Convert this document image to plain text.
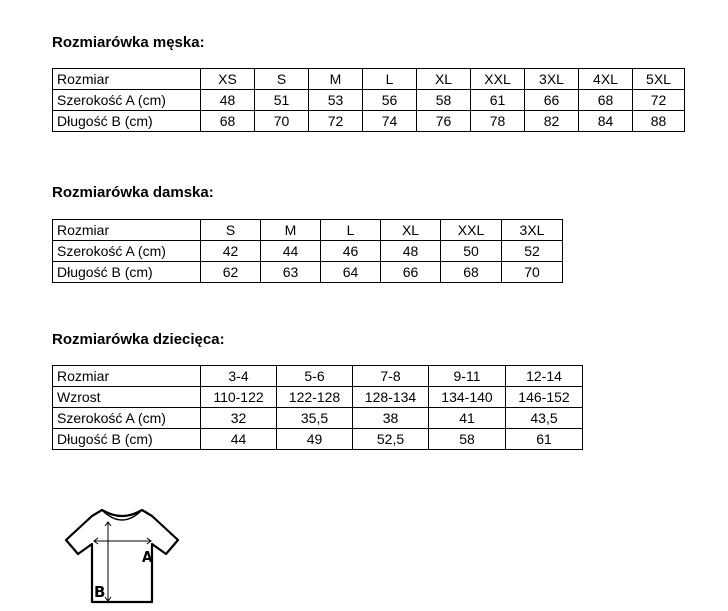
Rozmiarówka męska:
Rozmiar	XS	S	M	L	XL	XXL	3XL	4XL	5XL
Szerokość A (cm)	48	51	53	56	58	61	66	68	72
Długość B (cm)	68	70	72	74	76	78	82	84	88
Rozmiarówka damska:
Rozmiar	S	M	L	XL	XXL	3XL
Szerokość A (cm)	42	44	46	48	50	52
Długość B (cm)	62	63	64	66	68	70
Rozmiarówka dziecięca:
Rozmiar	3-4	5-6	7-8	9-11	12-14
Wzrost	110-122	122-128	128-134	134-140	146-152
Szerokość A (cm)	32	35,5	38	41	43,5
Długość B (cm)	44	49	52,5	58	61
A
B
